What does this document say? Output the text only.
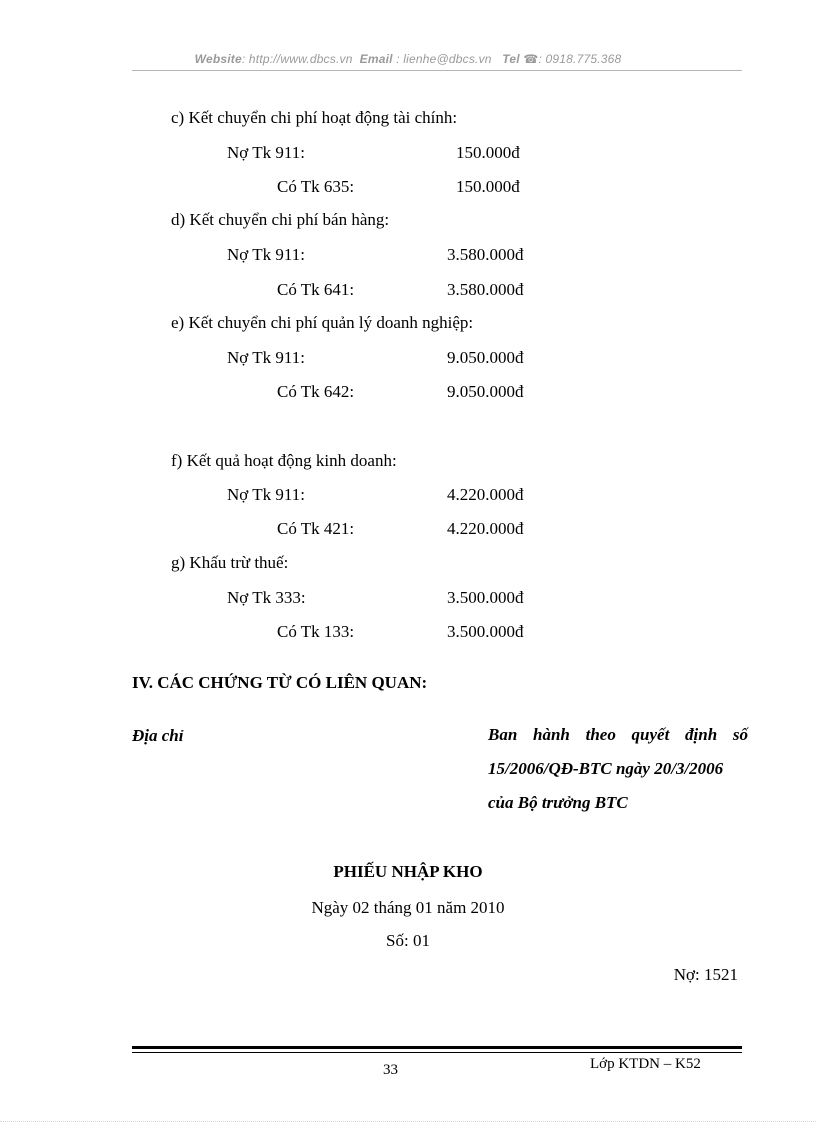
Website: http://www.dbcs.vn Email : lienhe@dbcs.vn Tel ☎: 0918.775.368
c) Kết chuyển chi phí hoạt động tài chính:
Nợ Tk 911:	150.000đ
Có Tk 635:	150.000đ
d) Kết chuyển chi phí bán hàng:
Nợ Tk 911:	3.580.000đ
Có Tk 641:	3.580.000đ
e) Kết chuyển chi phí quản lý doanh nghiệp:
Nợ Tk 911:	9.050.000đ
Có Tk 642:	9.050.000đ
f) Kết quả hoạt động kinh doanh:
Nợ Tk 911:	4.220.000đ
Có Tk 421:	4.220.000đ
g) Khấu trừ thuế:
Nợ Tk 333:	3.500.000đ
Có Tk 133:	3.500.000đ
IV. CÁC CHỨNG TỪ CÓ LIÊN QUAN:
Địa chỉ	Ban hành theo quyết định số
15/2006/QĐ-BTC ngày 20/3/2006
của Bộ trưởng BTC
PHIẾU NHẬP KHO
Ngày 02 tháng 01 năm 2010
Số: 01
Nợ: 1521
33	Lớp KTDN – K52
